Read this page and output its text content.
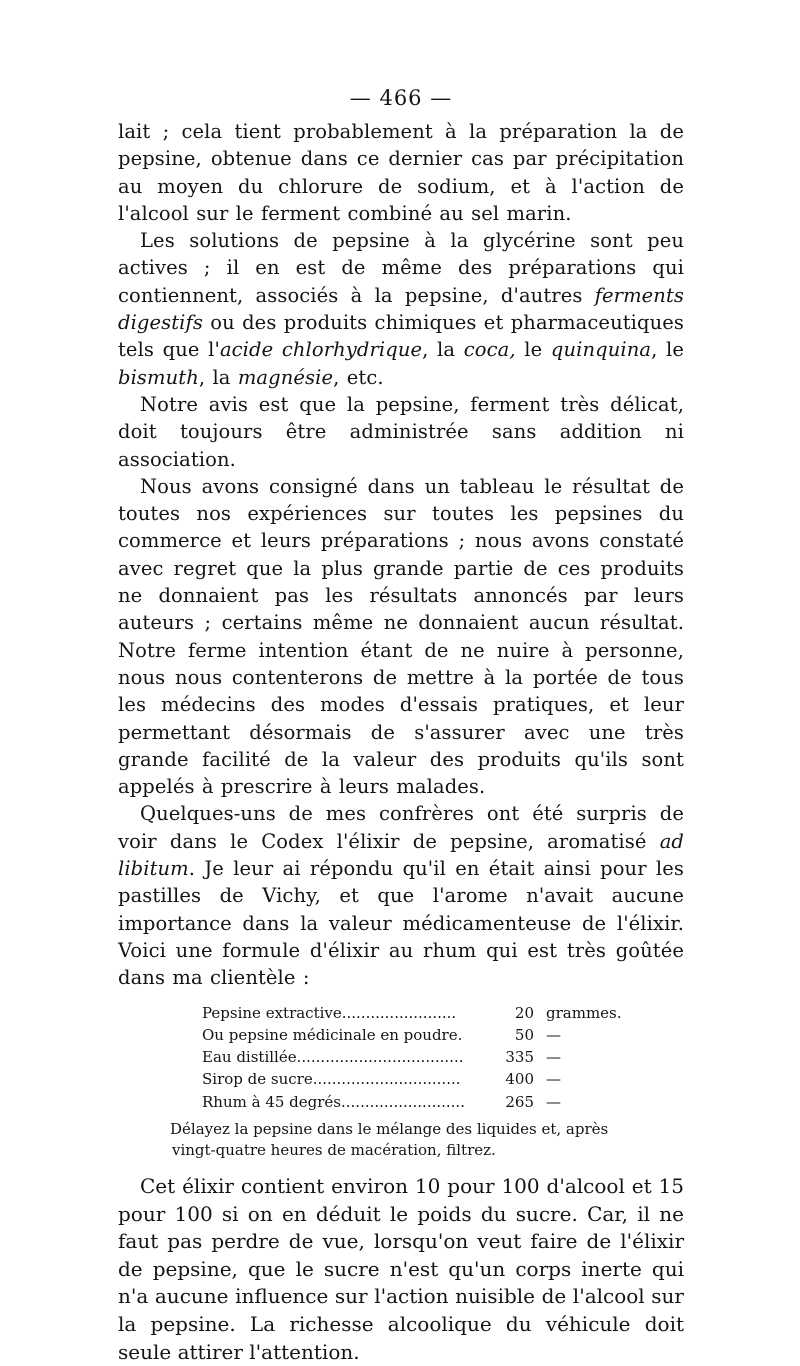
— 466 —

lait ; cela tient probablement à la préparation la de pepsine, obtenue dans ce dernier cas par précipitation au moyen du chlorure de sodium, et à l'action de l'alcool sur le ferment combiné au sel marin.

Les solutions de pepsine à la glycérine sont peu actives ; il en est de même des préparations qui contiennent, associés à la pepsine, d'autres ferments digestifs ou des produits chimiques et pharmaceutiques tels que l'acide chlorhydrique, la coca, le quinquina, le bismuth, la magnésie, etc.

Notre avis est que la pepsine, ferment très délicat, doit toujours être administrée sans addition ni association.

Nous avons consigné dans un tableau le résultat de toutes nos expériences sur toutes les pepsines du commerce et leurs préparations ; nous avons constaté avec regret que la plus grande partie de ces produits ne donnaient pas les résultats annoncés par leurs auteurs ; certains même ne donnaient aucun résultat. Notre ferme intention étant de ne nuire à personne, nous nous contenterons de mettre à la portée de tous les médecins des modes d'essais pratiques, et leur permettant désormais de s'assurer avec une très grande facilité de la valeur des produits qu'ils sont appelés à prescrire à leurs malades.

Quelques-uns de mes confrères ont été surpris de voir dans le Codex l'élixir de pepsine, aromatisé ad libitum. Je leur ai répondu qu'il en était ainsi pour les pastilles de Vichy, et que l'arome n'avait aucune importance dans la valeur médicamenteuse de l'élixir. Voici une formule d'élixir au rhum qui est très goûtée dans ma clientèle :

Pepsine extractive........................	20 grammes.
Ou pepsine médicinale en poudre.	50 —
Eau distillée...................................	335 —
Sirop de sucre...............................	400 —
Rhum à 45 degrés..........................	265 —
Délayez la pepsine dans le mélange des liquides et, après
vingt-quatre heures de macération, filtrez.

Cet élixir contient environ 10 pour 100 d'alcool et 15 pour 100 si on en déduit le poids du sucre. Car, il ne faut pas perdre de vue, lorsqu'on veut faire de l'élixir de pepsine, que le sucre n'est qu'un corps inerte qui n'a aucune influence sur l'action nuisible de l'alcool sur la pepsine. La richesse alcoolique du véhicule doit seule attirer l'attention.
